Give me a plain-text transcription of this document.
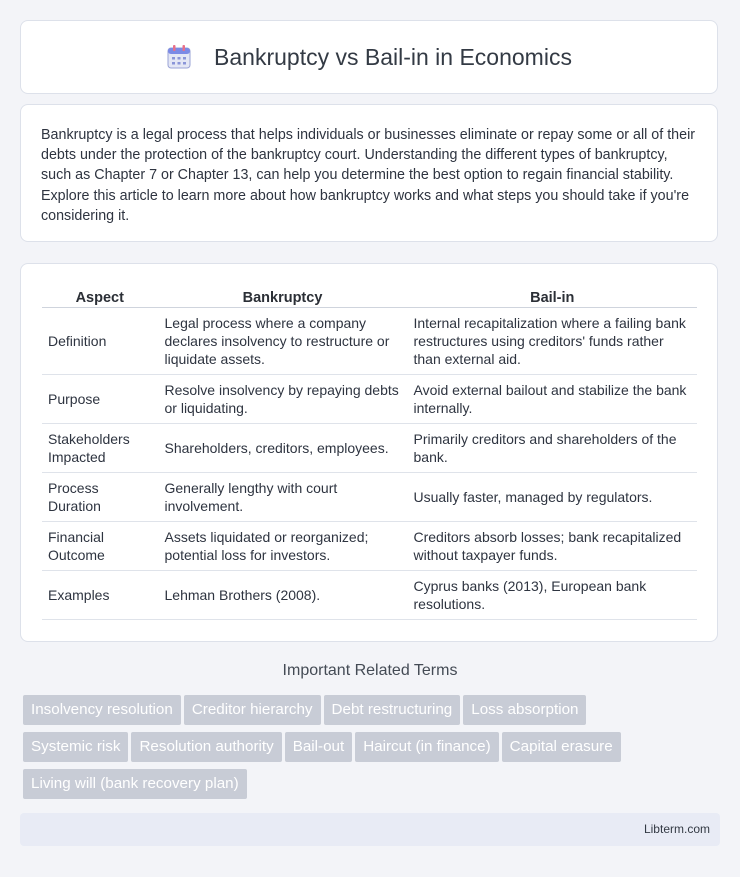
Bankruptcy vs Bail-in in Economics

Bankruptcy is a legal process that helps individuals or businesses eliminate or repay some or all of their debts under the protection of the bankruptcy court. Understanding the different types of bankruptcy, such as Chapter 7 or Chapter 13, can help you determine the best option to regain financial stability. Explore this article to learn more about how bankruptcy works and what steps you should take if you're considering it.

Aspect	Bankruptcy	Bail-in
Definition	Legal process where a company declares insolvency to restructure or liquidate assets.	Internal recapitalization where a failing bank restructures using creditors' funds rather than external aid.
Purpose	Resolve insolvency by repaying debts or liquidating.	Avoid external bailout and stabilize the bank internally.
Stakeholders Impacted	Shareholders, creditors, employees.	Primarily creditors and shareholders of the bank.
Process Duration	Generally lengthy with court involvement.	Usually faster, managed by regulators.
Financial Outcome	Assets liquidated or reorganized; potential loss for investors.	Creditors absorb losses; bank recapitalized without taxpayer funds.
Examples	Lehman Brothers (2008).	Cyprus banks (2013), European bank resolutions.
Important Related Terms
Insolvency resolution Creditor hierarchy Debt restructuring Loss absorption
Systemic risk Resolution authority Bail-out Haircut (in finance) Capital erasure
Living will (bank recovery plan)
Libterm.com
